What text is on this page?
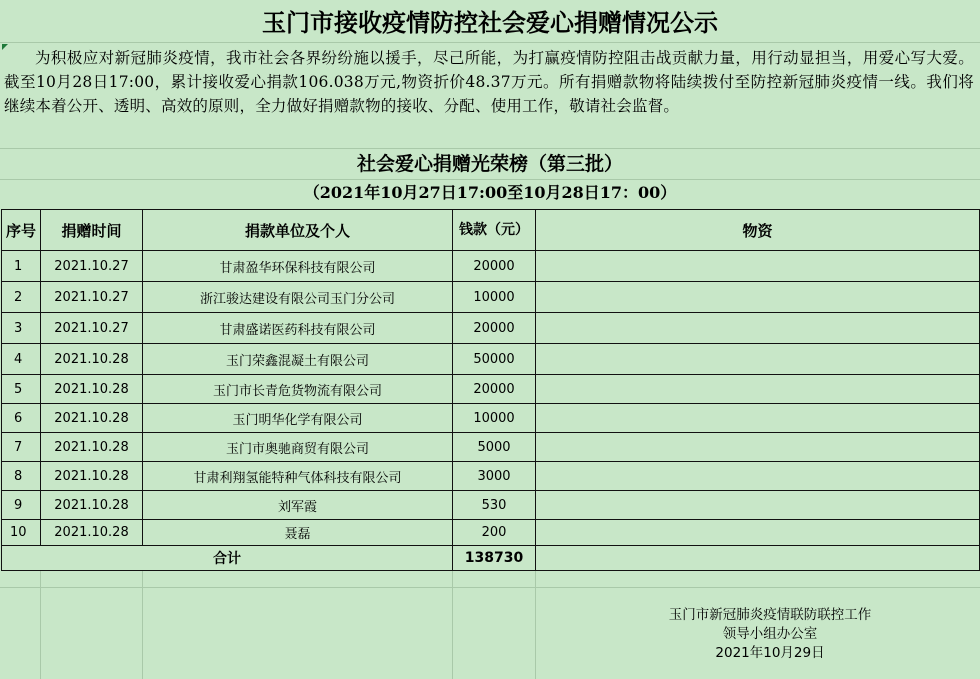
玉门市接收疫情防控社会爱心捐赠情况公示
为积极应对新冠肺炎疫情，我市社会各界纷纷施以援手，尽己所能，为打赢疫情防控阻击战贡献力量，用行动显担当，用爱心写大爱。截至10月28日17:00，累计接收爱心捐款106.038万元,物资折价48.37万元。所有捐赠款物将陆续拨付至防控新冠肺炎疫情一线。我们将继续本着公开、透明、高效的原则，全力做好捐赠款物的接收、分配、使用工作，敬请社会监督。
社会爱心捐赠光荣榜（第三批）
（2021年10月27日17:00至10月28日17：00）
序号	捐赠时间	捐款单位及个人	钱款（元）	物资
1	2021.10.27	甘肃盈华环保科技有限公司	20000	
2	2021.10.27	浙江骏达建设有限公司玉门分公司	10000	
3	2021.10.27	甘肃盛诺医药科技有限公司	20000	
4	2021.10.28	玉门荣鑫混凝土有限公司	50000	
5	2021.10.28	玉门市长青危货物流有限公司	20000	
6	2021.10.28	玉门明华化学有限公司	10000	
7	2021.10.28	玉门市奥驰商贸有限公司	5000	
8	2021.10.28	甘肃利翔氢能特种气体科技有限公司	3000	
9	2021.10.28	刘军霞	530	
10	2021.10.28	聂磊	200	
合计			138730	
玉门市新冠肺炎疫情联防联控工作
领导小组办公室
2021年10月29日
